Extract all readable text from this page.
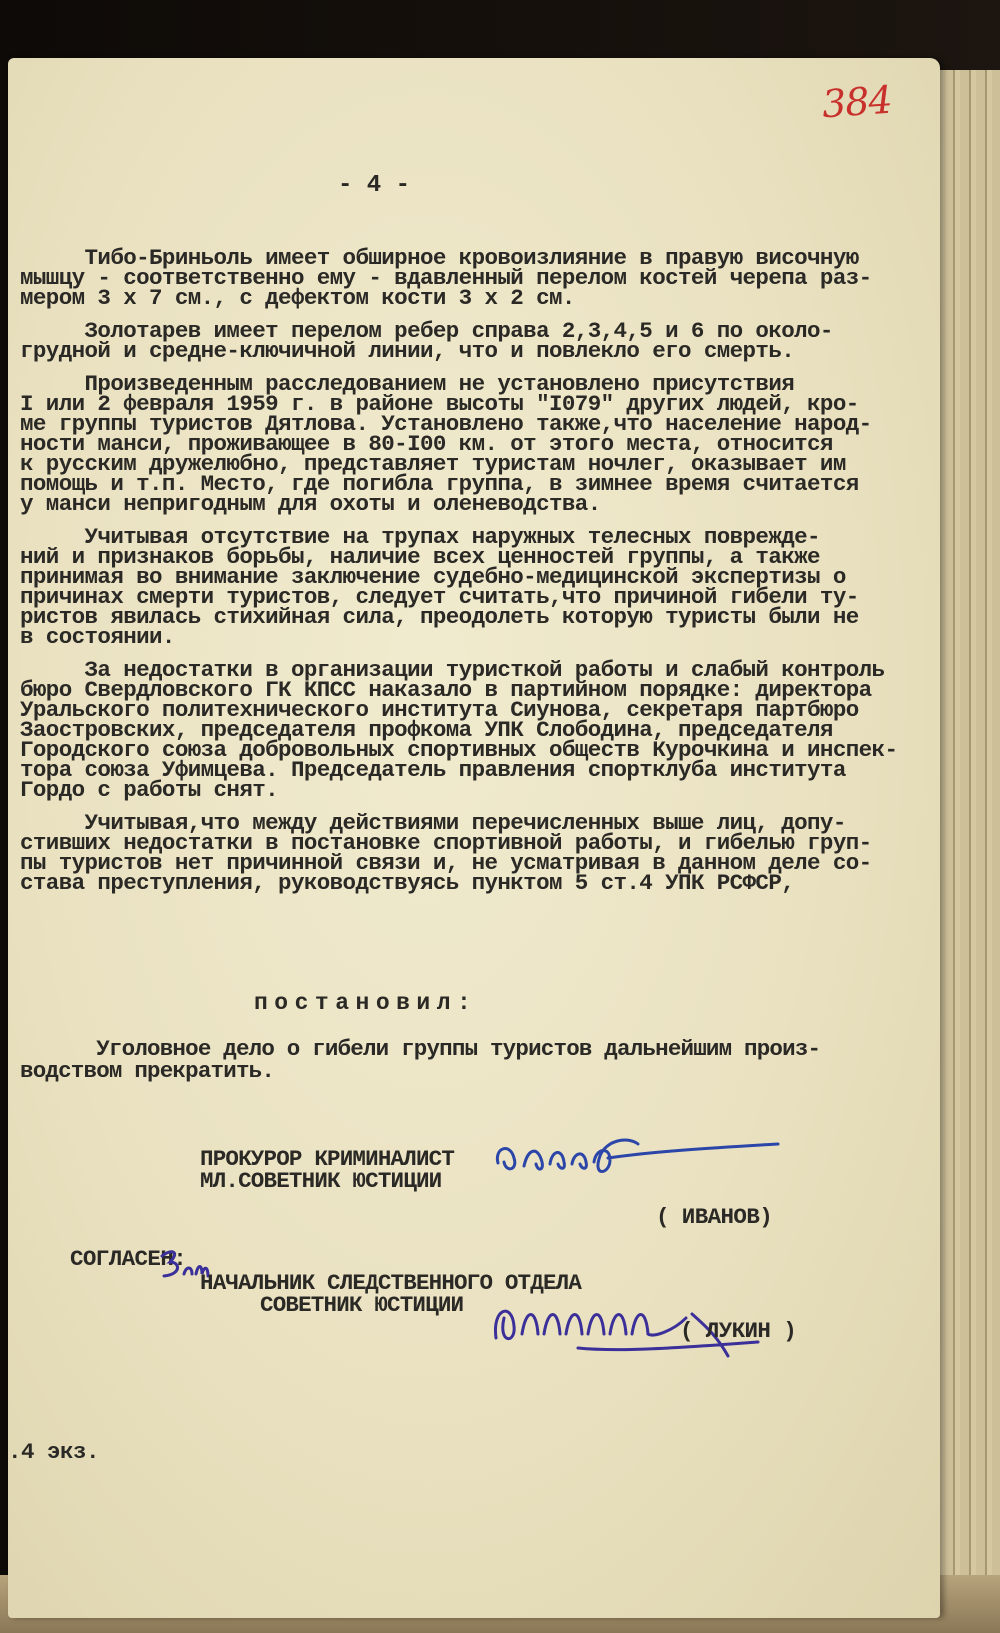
384
- 4 -
Тибо-Бриньоль имеет обширное кровоизлияние в правую височную
мышцу - соответственно ему - вдавленный перелом костей черепа раз-
мером 3 х 7 см., с дефектом кости 3 х 2 см.
Золотарев имеет перелом ребер справа 2,3,4,5 и 6 по около-
грудной и средне-ключичной линии, что и повлекло его смерть.
Произведенным расследованием не установлено присутствия
I или 2 февраля 1959 г. в районе высоты "I079" других людей, кро-
ме группы туристов Дятлова. Установлено также,что население народ-
ности манси, проживающее в 80-I00 км. от этого места, относится
к русским дружелюбно, представляет туристам ночлег, оказывает им
помощь и т.п. Место, где погибла группа, в зимнее время считается
у манси непригодным для охоты и оленеводства.
Учитывая отсутствие на трупах наружных телесных поврежде-
ний и признаков борьбы, наличие всех ценностей группы, а также
принимая во внимание заключение судебно-медицинской экспертизы о
причинах смерти туристов, следует считать,что причиной гибели ту-
ристов явилась стихийная сила, преодолеть которую туристы были не
в состоянии.
За недостатки в организации туристкой работы и слабый контроль
бюро Свердловского ГК КПСС наказало в партийном порядке: директора
Уральского политехнического института Сиунова, секретаря партбюро
Заостровских, председателя профкома УПК Слободина, председателя
Городского союза добровольных спортивных обществ Курочкина и инспек-
тора союза Уфимцева. Председатель правления спортклуба института
Гордо с работы снят.
Учитывая,что между действиями перечисленных выше лиц, допу-
стивших недостатки в постановке спортивной работы, и гибелью груп-
пы туристов нет причинной связи и, не усматривая в данном деле со-
става преступления, руководствуясь пунктом 5 ст.4 УПК РСФСР,
постановил:
Уголовное дело о гибели группы туристов дальнейшим произ-
водством прекратить.
ПРОКУРОР КРИМИНАЛИСТ
МЛ.СОВЕТНИК ЮСТИЦИИ
( ИВАНОВ)
СОГЛАСЕН:
НАЧАЛЬНИК СЛЕДСТВЕННОГО ОТДЕЛА
СОВЕТНИК ЮСТИЦИИ
( ЛУКИН )
.4 экз.
